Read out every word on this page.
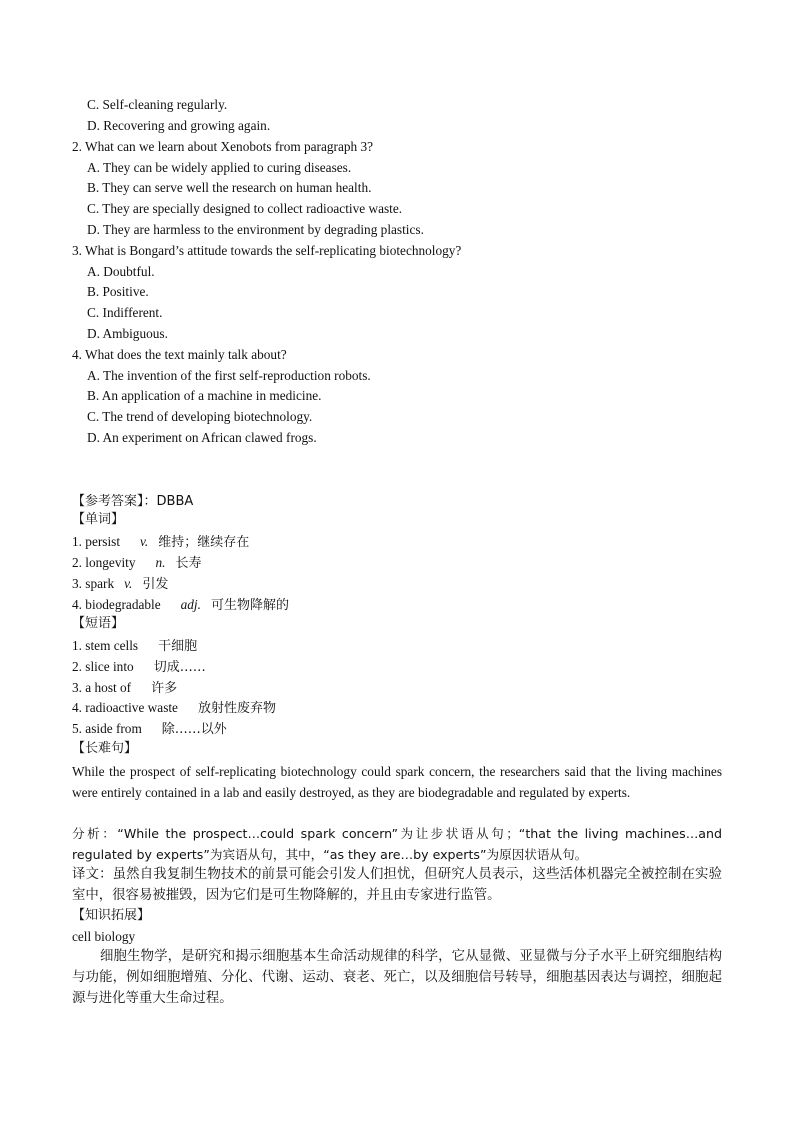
C. Self-cleaning regularly.
D. Recovering and growing again.
2. What can we learn about Xenobots from paragraph 3?
A. They can be widely applied to curing diseases.
B. They can serve well the research on human health.
C. They are specially designed to collect radioactive waste.
D. They are harmless to the environment by degrading plastics.
3. What is Bongard’s attitude towards the self-replicating biotechnology?
A. Doubtful.
B. Positive.
C. Indifferent.
D. Ambiguous.
4. What does the text mainly talk about?
A. The invention of the first self-reproduction robots.
B. An application of a machine in medicine.
C. The trend of developing biotechnology.
D. An experiment on African clawed frogs.
【参考答案】：DBBA
【单词】
1. persist v. 维持；继续存在
2. longevity n. 长寿
3. spark v. 引发
4. biodegradable adj. 可生物降解的
【短语】
1. stem cells 干细胞
2. slice into 切成……
3. a host of 许多
4. radioactive waste 放射性废弃物
5. aside from 除……以外
【长难句】
While the prospect of self-replicating biotechnology could spark concern, the researchers said that the living machines were entirely contained in a lab and easily destroyed, as they are biodegradable and regulated by experts.
分析：“While the prospect…could spark concern”为让步状语从句；“that the living machines…and regulated by experts”为宾语从句，其中，“as they are…by experts”为原因状语从句。
译文：虽然自我复制生物技术的前景可能会引发人们担忧，但研究人员表示，这些活体机器完全被控制在实验室中，很容易被摧毁，因为它们是可生物降解的，并且由专家进行监管。
【知识拓展】
cell biology
细胞生物学，是研究和揭示细胞基本生命活动规律的科学，它从显微、亚显微与分子水平上研究细胞结构与功能，例如细胞增殖、分化、代谢、运动、衰老、死亡，以及细胞信号转导，细胞基因表达与调控，细胞起源与进化等重大生命过程。
